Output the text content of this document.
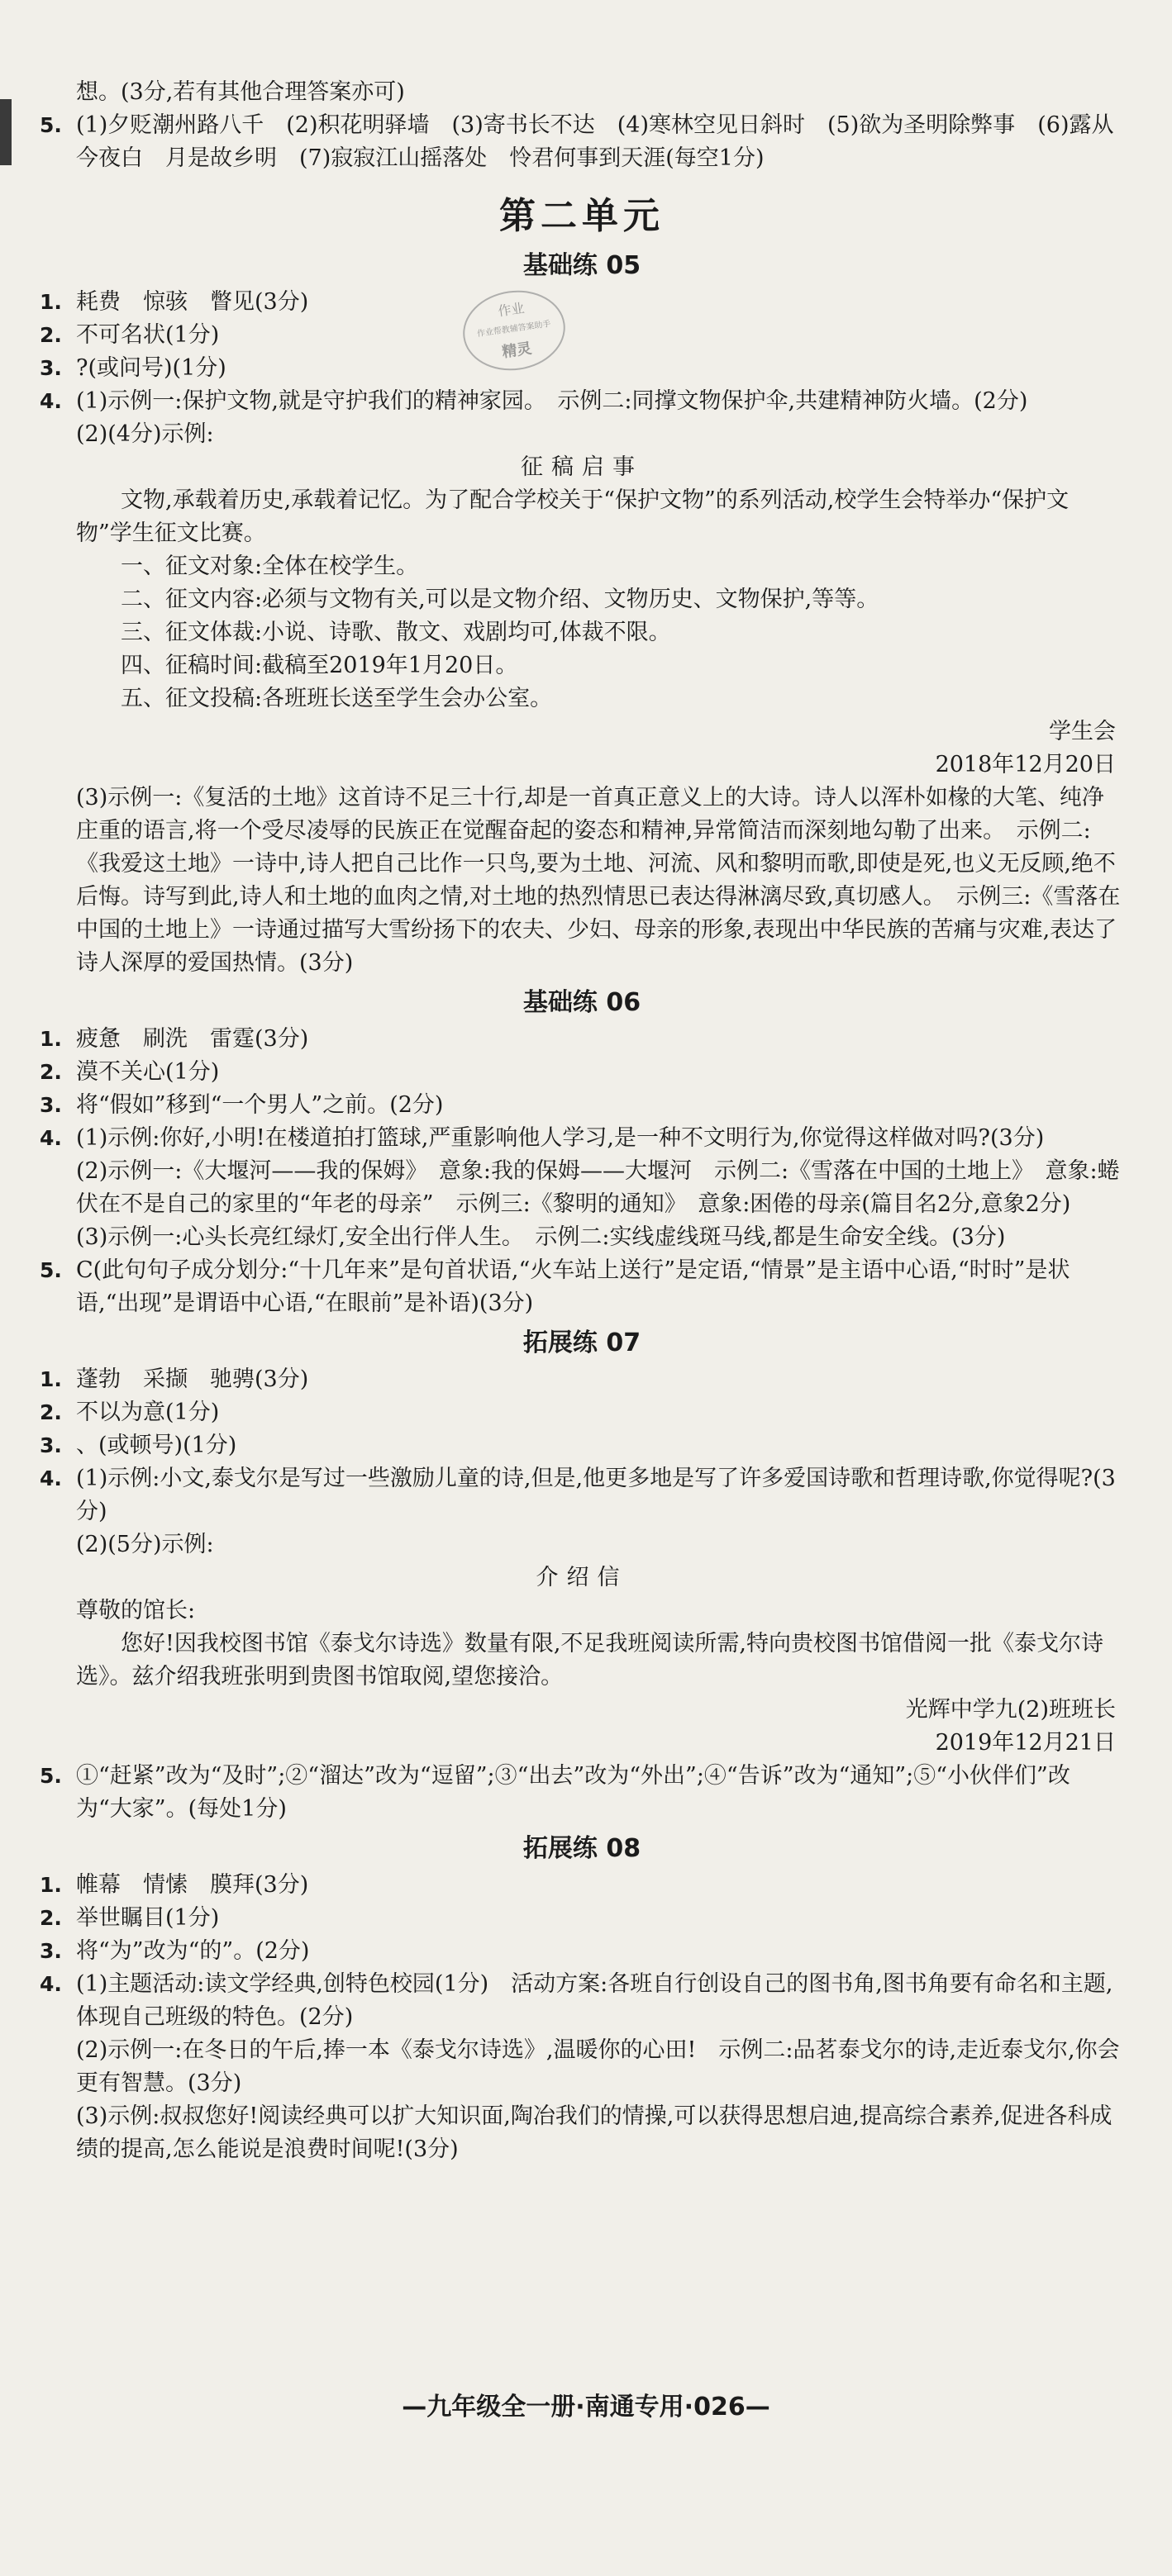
作业
作业帮教辅答案助手
精灵

想。(3分,若有其他合理答案亦可)

5. (1)夕贬潮州路八千　(2)积花明驿墙　(3)寄书长不达　(4)寒林空见日斜时　(5)欲为圣明除弊事　(6)露从今夜白　月是故乡明　(7)寂寂江山摇落处　怜君何事到天涯(每空1分)
第二单元
基础练 05
1. 耗费　惊骇　瞥见(3分)
2. 不可名状(1分)
3. ?(或问号)(1分)
4. (1)示例一:保护文物,就是守护我们的精神家园。　示例二:同撑文物保护伞,共建精神防火墙。(2分)

(2)(4分)示例:

征稿启事

文物,承载着历史,承载着记忆。为了配合学校关于“保护文物”的系列活动,校学生会特举办“保护文物”学生征文比赛。

一、征文对象:全体在校学生。

二、征文内容:必须与文物有关,可以是文物介绍、文物历史、文物保护,等等。

三、征文体裁:小说、诗歌、散文、戏剧均可,体裁不限。

四、征稿时间:截稿至2019年1月20日。

五、征文投稿:各班班长送至学生会办公室。

学生会

2018年12月20日

(3)示例一:《复活的土地》这首诗不足三十行,却是一首真正意义上的大诗。诗人以浑朴如椽的大笔、纯净庄重的语言,将一个受尽凌辱的民族正在觉醒奋起的姿态和精神,异常简洁而深刻地勾勒了出来。　示例二:《我爱这土地》一诗中,诗人把自己比作一只鸟,要为土地、河流、风和黎明而歌,即使是死,也义无反顾,绝不后悔。诗写到此,诗人和土地的血肉之情,对土地的热烈情思已表达得淋漓尽致,真切感人。　示例三:《雪落在中国的土地上》一诗通过描写大雪纷扬下的农夫、少妇、母亲的形象,表现出中华民族的苦痛与灾难,表达了诗人深厚的爱国热情。(3分)

基础练 06
1. 疲惫　刷洗　雷霆(3分)
2. 漠不关心(1分)
3. 将“假如”移到“一个男人”之前。(2分)
4. (1)示例:你好,小明!在楼道拍打篮球,严重影响他人学习,是一种不文明行为,你觉得这样做对吗?(3分)

(2)示例一:《大堰河——我的保姆》　意象:我的保姆——大堰河　示例二:《雪落在中国的土地上》　意象:蜷伏在不是自己的家里的“年老的母亲”　示例三:《黎明的通知》　意象:困倦的母亲(篇目名2分,意象2分)

(3)示例一:心头长亮红绿灯,安全出行伴人生。　示例二:实线虚线斑马线,都是生命安全线。(3分)

5. C(此句句子成分划分:“十几年来”是句首状语,“火车站上送行”是定语,“情景”是主语中心语,“时时”是状语,“出现”是谓语中心语,“在眼前”是补语)(3分)
拓展练 07
1. 蓬勃　采撷　驰骋(3分)
2. 不以为意(1分)
3. 、(或顿号)(1分)
4. (1)示例:小文,泰戈尔是写过一些激励儿童的诗,但是,他更多地是写了许多爱国诗歌和哲理诗歌,你觉得呢?(3分)

(2)(5分)示例:

介绍信

尊敬的馆长:

您好!因我校图书馆《泰戈尔诗选》数量有限,不足我班阅读所需,特向贵校图书馆借阅一批《泰戈尔诗选》。兹介绍我班张明到贵图书馆取阅,望您接洽。

光辉中学九(2)班班长

2019年12月21日

5. ①“赶紧”改为“及时”;②“溜达”改为“逗留”;③“出去”改为“外出”;④“告诉”改为“通知”;⑤“小伙伴们”改为“大家”。(每处1分)
拓展练 08
1. 帷幕　情愫　膜拜(3分)
2. 举世瞩目(1分)
3. 将“为”改为“的”。(2分)
4. (1)主题活动:读文学经典,创特色校园(1分)　活动方案:各班自行创设自己的图书角,图书角要有命名和主题,体现自己班级的特色。(2分)

(2)示例一:在冬日的午后,捧一本《泰戈尔诗选》,温暖你的心田!　示例二:品茗泰戈尔的诗,走近泰戈尔,你会更有智慧。(3分)

(3)示例:叔叔您好!阅读经典可以扩大知识面,陶冶我们的情操,可以获得思想启迪,提高综合素养,促进各科成绩的提高,怎么能说是浪费时间呢!(3分)

—九年级全一册·南通专用·026—
